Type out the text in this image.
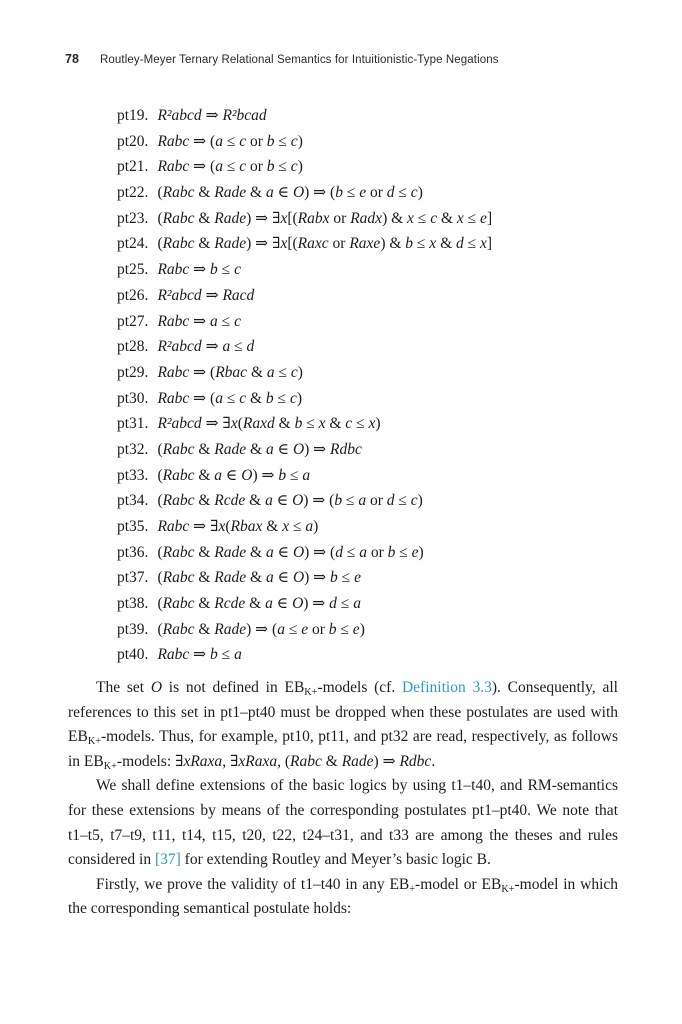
78	Routley-Meyer Ternary Relational Semantics for Intuitionistic-Type Negations
pt19. R²abcd ⇒ R²bcad
pt20. Rabc ⇒ (a ≤ c or b ≤ c)
pt21. Rabc ⇒ (a ≤ c or b ≤ c)
pt22. (Rabc & Rade & a ∈ O) ⇒ (b ≤ e or d ≤ c)
pt23. (Rabc & Rade) ⇒ ∃x[(Rabx or Radx) & x ≤ c & x ≤ e]
pt24. (Rabc & Rade) ⇒ ∃x[(Raxc or Raxe) & b ≤ x & d ≤ x]
pt25. Rabc ⇒ b ≤ c
pt26. R²abcd ⇒ Racd
pt27. Rabc ⇒ a ≤ c
pt28. R²abcd ⇒ a ≤ d
pt29. Rabc ⇒ (Rbac & a ≤ c)
pt30. Rabc ⇒ (a ≤ c & b ≤ c)
pt31. R²abcd ⇒ ∃x(Raxd & b ≤ x & c ≤ x)
pt32. (Rabc & Rade & a ∈ O) ⇒ Rdbc
pt33. (Rabc & a ∈ O) ⇒ b ≤ a
pt34. (Rabc & Rcde & a ∈ O) ⇒ (b ≤ a or d ≤ c)
pt35. Rabc ⇒ ∃x(Rbax & x ≤ a)
pt36. (Rabc & Rade & a ∈ O) ⇒ (d ≤ a or b ≤ e)
pt37. (Rabc & Rade & a ∈ O) ⇒ b ≤ e
pt38. (Rabc & Rcde & a ∈ O) ⇒ d ≤ a
pt39. (Rabc & Rade) ⇒ (a ≤ e or b ≤ e)
pt40. Rabc ⇒ b ≤ a

The set O is not defined in $EB_{K+}$-models (cf. Definition 3.3). Consequently, all references to this set in pt1–pt40 must be dropped when these postulates are used with $EB_{K+}$-models. Thus, for example, pt10, pt11, and pt32 are read, respectively, as follows in $EB_{K+}$-models: ∃xRaxa, ∃xRaxa, (Rabc & Rade) ⇒ Rdbc.

We shall define extensions of the basic logics by using t1–t40, and RM-semantics for these extensions by means of the corresponding postulates pt1–pt40. We note that t1–t5, t7–t9, t11, t14, t15, t20, t22, t24–t31, and t33 are among the theses and rules considered in [37] for extending Routley and Meyer’s basic logic B.

Firstly, we prove the validity of t1–t40 in any $EB_+$-model or $EB_{K+}$-model in which the corresponding semantical postulate holds:
